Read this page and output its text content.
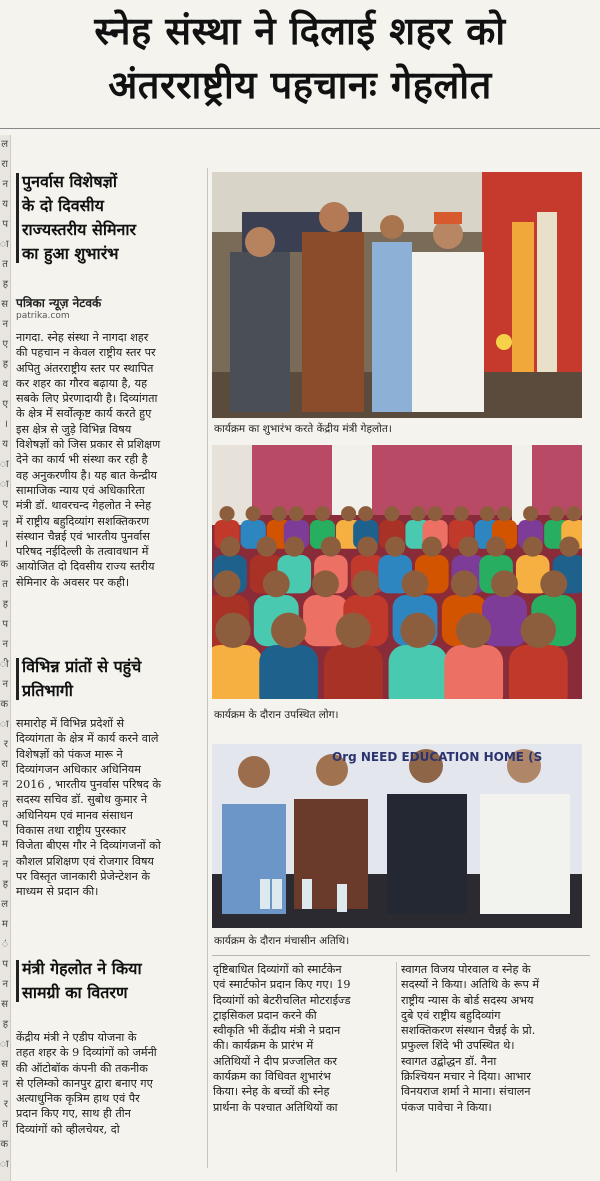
स्नेह संस्था ने दिलाई शहर को
अंतरराष्ट्रीय पहचानः गेहलोत
ल
रा
न
य
प
ा
त
ह
स
न
ए
ह
व
ए
।
य
ा
ा
ए
न
।
क
त
ह
प
न
ी
न
क
ा
र
रा
न
त
प
म
न
ह
ल
म
ं
प
न
स
ह
ा
स
न
र
त
क
ा
पुनर्वास विशेषज्ञों
के दो दिवसीय
राज्यस्तरीय सेमिनार
का हुआ शुभारंभ
पत्रिका न्यूज़ नेटवर्क
patrika.com
नागदा. स्नेह संस्था ने नागदा शहर
की पहचान न केवल राष्ट्रीय स्तर पर
अपितु अंतरराष्ट्रीय स्तर पर स्थापित
कर शहर का गौरव बढ़ाया है, यह
सबके लिए प्रेरणादायी है। दिव्यांगता
के क्षेत्र में सर्वोत्कृष्ट कार्य करते हुए
इस क्षेत्र से जुड़े विभिन्न विषय
विशेषज्ञों को जिस प्रकार से प्रशिक्षण
देने का कार्य भी संस्था कर रही है
वह अनुकरणीय है। यह बात केन्द्रीय
सामाजिक न्याय एवं अधिकारिता
मंत्री डॉ. थावरचन्द गेहलोत ने स्नेह
में राष्ट्रीय बहुदिव्यांग सशक्तिकरण
संस्थान चैन्नई एवं भारतीय पुनर्वास
परिषद नईदिल्ली के तत्वावधान में
आयोजित दो दिवसीय राज्य स्तरीय
सेमिनार के अवसर पर कही।
विभिन्न प्रांतों से पहुंचे
प्रतिभागी
समारोह में विभिन्न प्रदेशों से
दिव्यांगता के क्षेत्र में कार्य करने वाले
विशेषज्ञों को पंकज मारू ने
दिव्यांगजन अधिकार अधिनियम
2016 , भारतीय पुनर्वास परिषद के
सदस्य सचिव डॉ. सुबोध कुमार ने
अधिनियम एवं मानव संसाधन
विकास तथा राष्ट्रीय पुरस्कार
विजेता बीएस गौर ने दिव्यांगजनों को
कौशल प्रशिक्षण एवं रोजगार विषय
पर विस्तृत जानकारी प्रेजेन्टेशन के
माध्यम से प्रदान की।
मंत्री गेहलोत ने किया
सामग्री का वितरण
केंद्रीय मंत्री ने एडीप योजना के
तहत शहर के 9 दिव्यांगों को जर्मनी
की ऑटोबॉक कंपनी की तकनीक
से एलिम्को कानपुर द्वारा बनाए गए
अत्याधुनिक कृत्रिम हाथ एवं पैर
प्रदान किए गए, साथ ही तीन
दिव्यांगों को व्हीलचेयर, दो
कार्यक्रम का शुभारंभ करते केंद्रीय मंत्री गेहलोत।
कार्यक्रम के दौरान उपस्थित लोग।
Org NEED EDUCATION HOME (S
कार्यक्रम के दौरान मंचासीन अतिथि।
दृष्टिबाधित दिव्यांगों को स्मार्टकेन
एवं स्मार्टफोन प्रदान किए गए। 19
दिव्यांगों को बेटरीचलित मोटराईज्ड
ट्राइसिकल प्रदान करने की
स्वीकृति भी केंद्रीय मंत्री ने प्रदान
की। कार्यक्रम के प्रारंभ में
अतिथियों ने दीप प्रज्जलित कर
कार्यक्रम का विधिवत शुभारंभ
किया। स्नेह के बच्चों की स्नेह
प्रार्थना के पश्चात अतिथियों का
स्वागत विजय पोरवाल व स्नेह के
सदस्यों ने किया। अतिथि के रूप में
राष्ट्रीय न्यास के बोर्ड सदस्य अभय
दुबे एवं राष्ट्रीय बहुदिव्यांग
सशक्तिकरण संस्थान चैन्नई के प्रो.
प्रफुल्ल शिंदे भी उपस्थित थे।
स्वागत उद्बोद्धन डॉ. नैना
क्रिश्चियन मचार ने दिया। आभार
विनयराज शर्मा ने माना। संचालन
पंकज पावेचा ने किया।
